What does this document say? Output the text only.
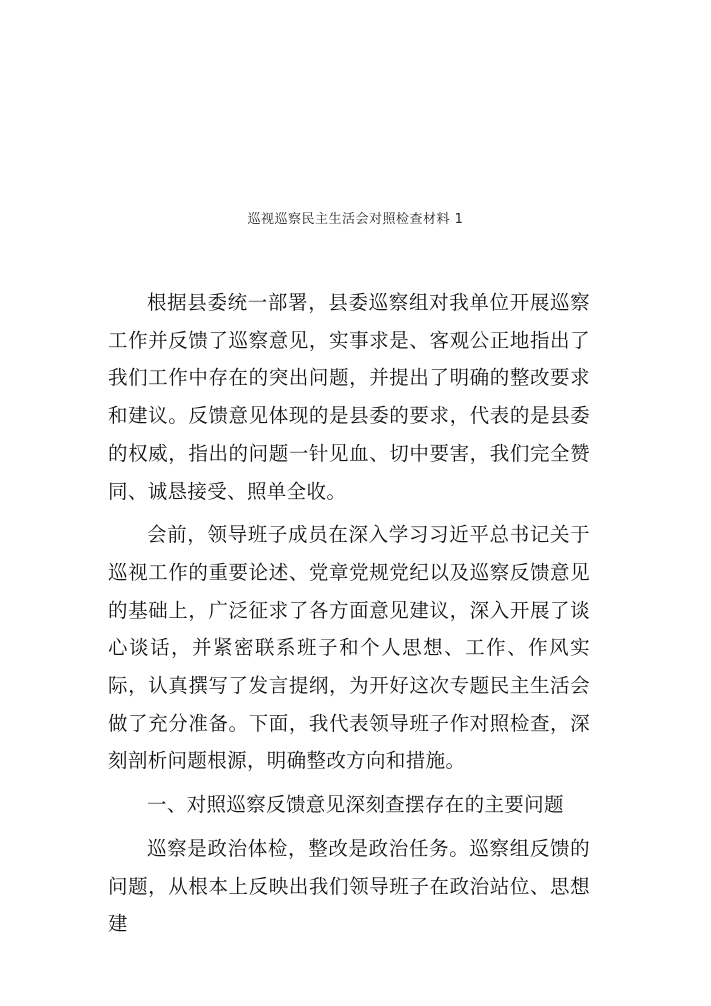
巡视巡察民主生活会对照检查材料 1

根据县委统一部署，县委巡察组对我单位开展巡察工作并反馈了巡察意见，实事求是、客观公正地指出了我们工作中存在的突出问题，并提出了明确的整改要求和建议。反馈意见体现的是县委的要求，代表的是县委的权威，指出的问题一针见血、切中要害，我们完全赞同、诚恳接受、照单全收。

会前，领导班子成员在深入学习习近平总书记关于巡视工作的重要论述、党章党规党纪以及巡察反馈意见的基础上，广泛征求了各方面意见建议，深入开展了谈心谈话，并紧密联系班子和个人思想、工作、作风实际，认真撰写了发言提纲，为开好这次专题民主生活会做了充分准备。下面，我代表领导班子作对照检查，深刻剖析问题根源，明确整改方向和措施。

一、对照巡察反馈意见深刻查摆存在的主要问题

巡察是政治体检，整改是政治任务。巡察组反馈的问题，从根本上反映出我们领导班子在政治站位、思想建
